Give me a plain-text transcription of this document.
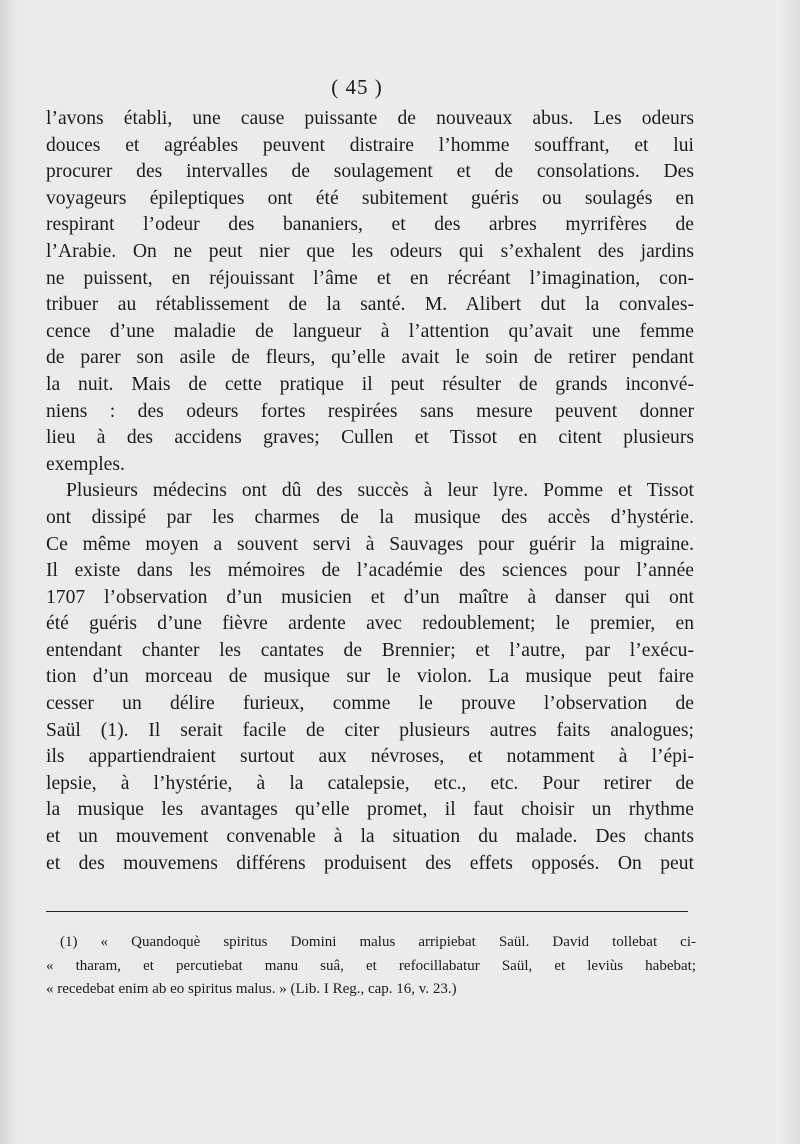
( 45 )
l’avons établi, une cause puissante de nouveaux abus. Les odeurs
douces et agréables peuvent distraire l’homme souffrant, et lui
procurer des intervalles de soulagement et de consolations. Des
voyageurs épileptiques ont été subitement guéris ou soulagés en
respirant l’odeur des bananiers, et des arbres myrrifères de
l’Arabie. On ne peut nier que les odeurs qui s’exhalent des jardins
ne puissent, en réjouissant l’âme et en récréant l’imagination, con-
tribuer au rétablissement de la santé. M. Alibert dut la convales-
cence d’une maladie de langueur à l’attention qu’avait une femme
de parer son asile de fleurs, qu’elle avait le soin de retirer pendant
la nuit. Mais de cette pratique il peut résulter de grands inconvé-
niens : des odeurs fortes respirées sans mesure peuvent donner
lieu à des accidens graves; Cullen et Tissot en citent plusieurs
exemples.
Plusieurs médecins ont dû des succès à leur lyre. Pomme et Tissot
ont dissipé par les charmes de la musique des accès d’hystérie.
Ce même moyen a souvent servi à Sauvages pour guérir la migraine.
Il existe dans les mémoires de l’académie des sciences pour l’année
1707 l’observation d’un musicien et d’un maître à danser qui ont
été guéris d’une fièvre ardente avec redoublement; le premier, en
entendant chanter les cantates de Brennier; et l’autre, par l’exécu-
tion d’un morceau de musique sur le violon. La musique peut faire
cesser un délire furieux, comme le prouve l’observation de
Saül (1). Il serait facile de citer plusieurs autres faits analogues;
ils appartiendraient surtout aux névroses, et notamment à l’épi-
lepsie, à l’hystérie, à la catalepsie, etc., etc. Pour retirer de
la musique les avantages qu’elle promet, il faut choisir un rhythme
et un mouvement convenable à la situation du malade. Des chants
et des mouvemens différens produisent des effets opposés. On peut
(1) « Quandoquè spiritus Domini malus arripiebat Saül. David tollebat ci-
« tharam, et percutiebat manu suâ, et refocillabatur Saül, et leviùs habebat;
« recedebat enim ab eo spiritus malus. » (Lib. I Reg., cap. 16, v. 23.)
